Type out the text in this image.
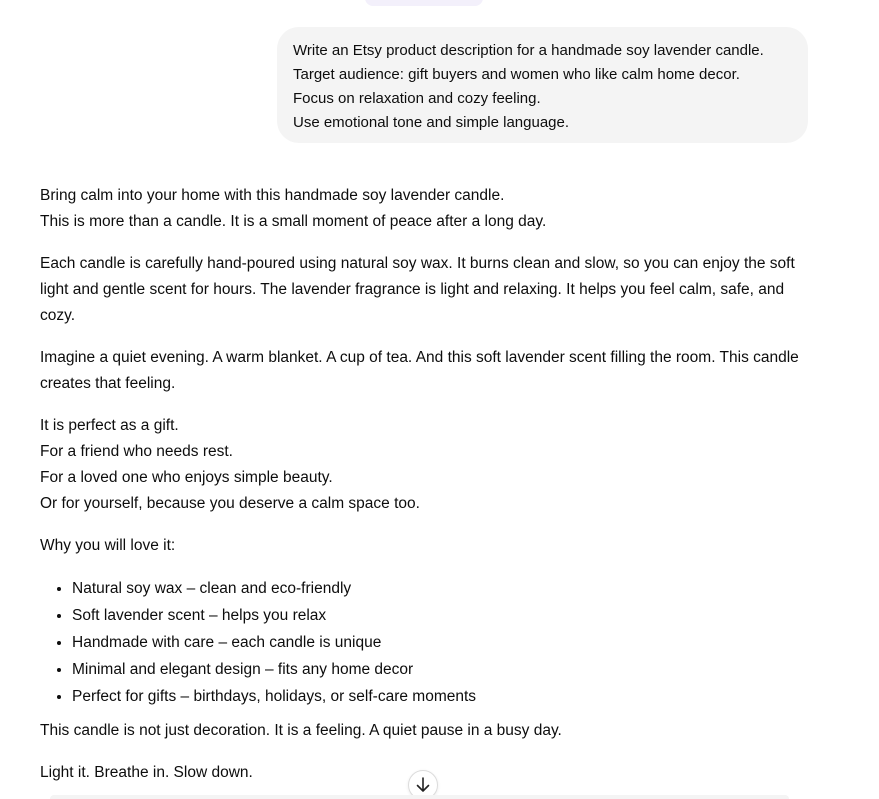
Write an Etsy product description for a handmade soy lavender candle.
Target audience: gift buyers and women who like calm home decor.
Focus on relaxation and cozy feeling.
Use emotional tone and simple language.

Bring calm into your home with this handmade soy lavender candle.
This is more than a candle. It is a small moment of peace after a long day.

Each candle is carefully hand-poured using natural soy wax. It burns clean and slow, so you can enjoy the soft light and gentle scent for hours. The lavender fragrance is light and relaxing. It helps you feel calm, safe, and cozy.

Imagine a quiet evening. A warm blanket. A cup of tea. And this soft lavender scent filling the room. This candle creates that feeling.

It is perfect as a gift.
For a friend who needs rest.
For a loved one who enjoys simple beauty.
Or for yourself, because you deserve a calm space too.

Why you will love it:

• Natural soy wax – clean and eco-friendly
• Soft lavender scent – helps you relax
• Handmade with care – each candle is unique
• Minimal and elegant design – fits any home decor
• Perfect for gifts – birthdays, holidays, or self-care moments

This candle is not just decoration. It is a feeling. A quiet pause in a busy day.

Light it. Breathe in. Slow down.
